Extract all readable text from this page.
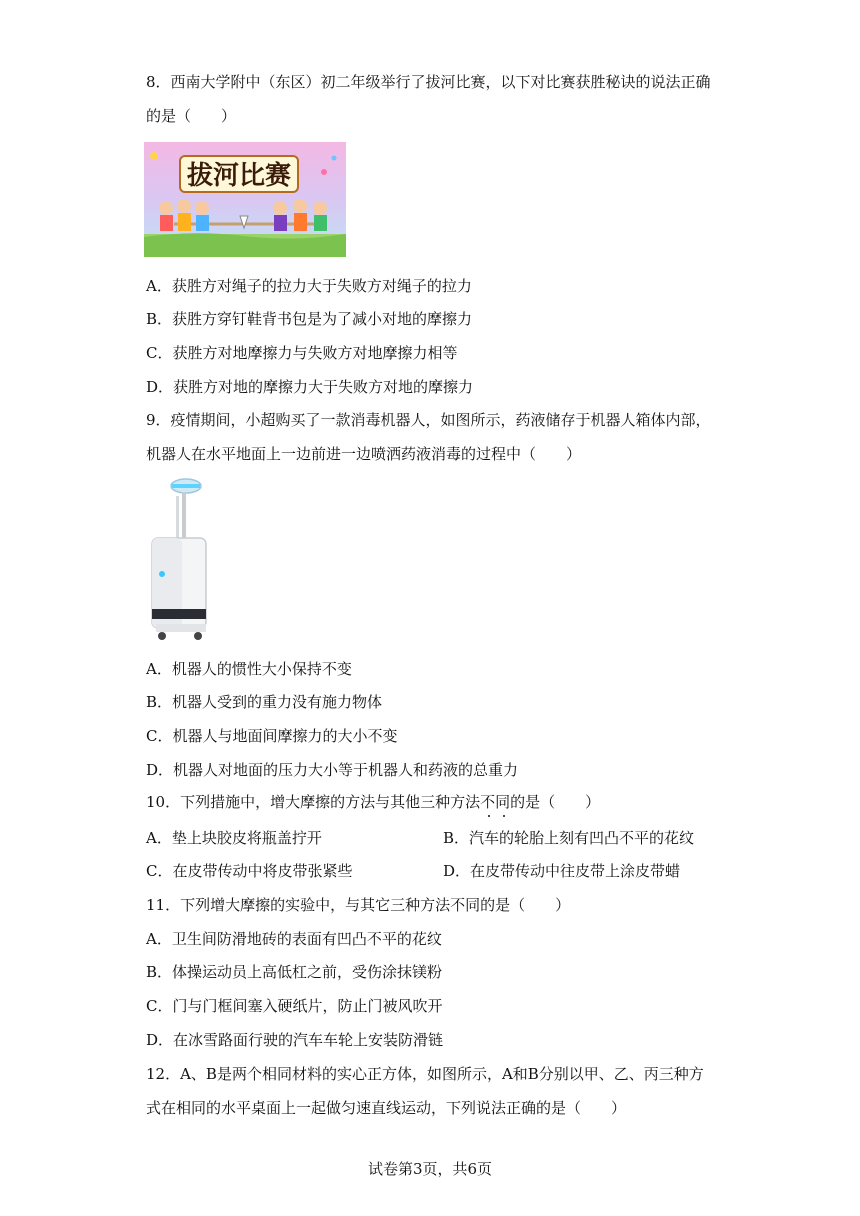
8．西南大学附中（东区）初二年级举行了拔河比赛，以下对比赛获胜秘诀的说法正确
的是（　　）
拔河比赛
A．获胜方对绳子的拉力大于失败方对绳子的拉力
B．获胜方穿钉鞋背书包是为了减小对地的摩擦力
C．获胜方对地摩擦力与失败方对地摩擦力相等
D．获胜方对地的摩擦力大于失败方对地的摩擦力
9．疫情期间，小超购买了一款消毒机器人，如图所示，药液储存于机器人箱体内部，
机器人在水平地面上一边前进一边喷洒药液消毒的过程中（　　）
A．机器人的惯性大小保持不变
B．机器人受到的重力没有施力物体
C．机器人与地面间摩擦力的大小不变
D．机器人对地面的压力大小等于机器人和药液的总重力
10．下列措施中，增大摩擦的方法与其他三种方法不同的是（　　）
A．垫上块胶皮将瓶盖拧开	B．汽车的轮胎上刻有凹凸不平的花纹
C．在皮带传动中将皮带张紧些	D．在皮带传动中往皮带上涂皮带蜡
11．下列增大摩擦的实验中，与其它三种方法不同的是（　　）
A．卫生间防滑地砖的表面有凹凸不平的花纹
B．体操运动员上高低杠之前，受伤涂抹镁粉
C．门与门框间塞入硬纸片，防止门被风吹开
D．在冰雪路面行驶的汽车车轮上安装防滑链
12．A、B是两个相同材料的实心正方体，如图所示，A和B分别以甲、乙、丙三种方
式在相同的水平桌面上一起做匀速直线运动，下列说法正确的是（　　）
试卷第3页，共6页
